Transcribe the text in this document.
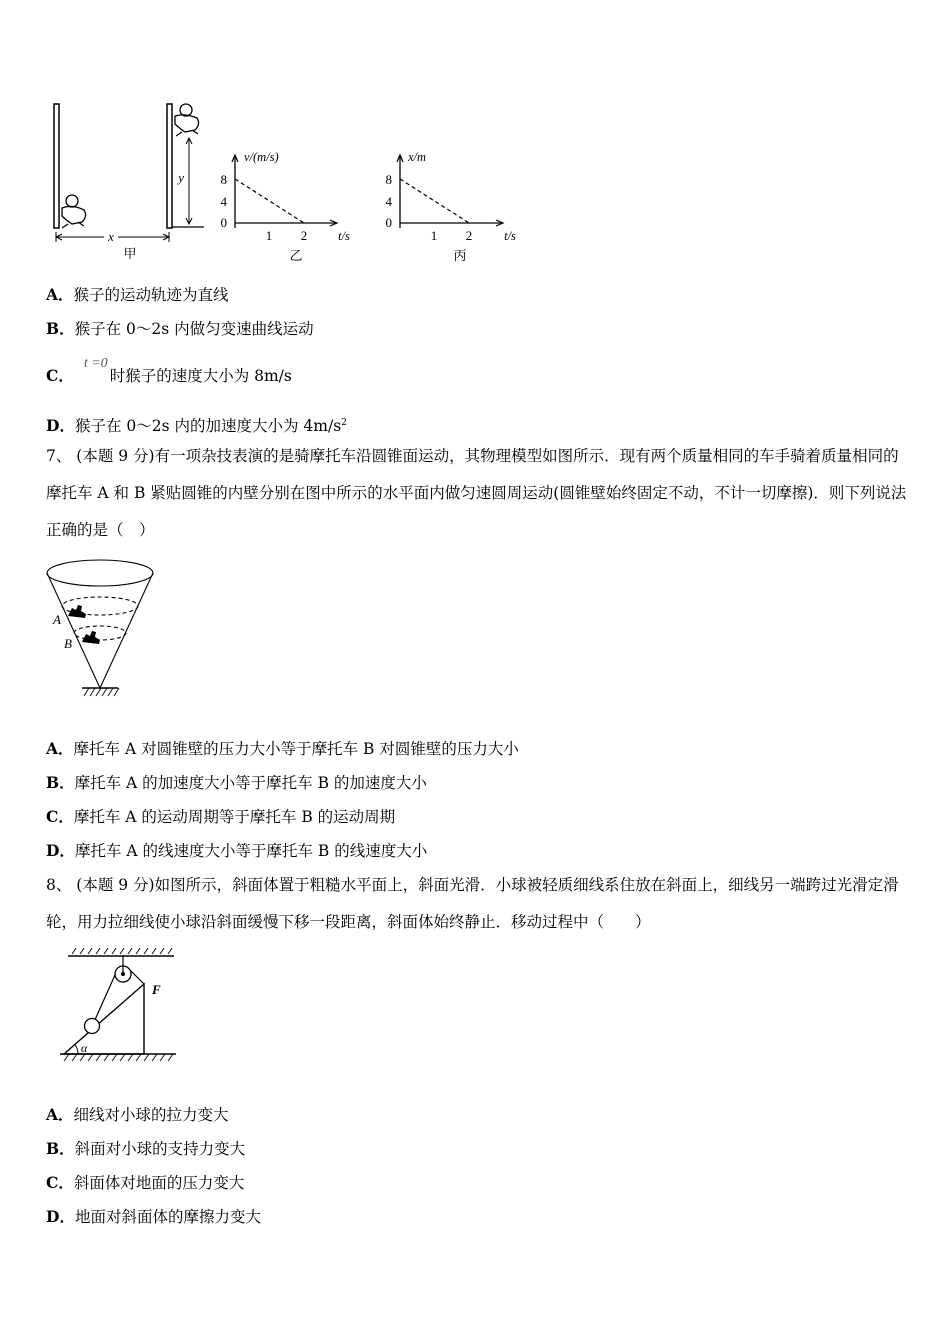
y
x
甲
v/(m/s)
8
4
0
1 2 t/s
乙
x/m
8
4
0
1 2	t/s
丙
A．猴子的运动轨迹为直线
B．猴子在 0～2s 内做匀变速曲线运动
C．t =0时猴子的速度大小为 8m/s
D．猴子在 0～2s 内的加速度大小为 $4m/s^2$
7、 (本题 9 分)有一项杂技表演的是骑摩托车沿圆锥面运动，其物理模型如图所示．现有两个质量相同的车手骑着质量相同的摩托车 A 和 B 紧贴圆锥的内壁分别在图中所示的水平面内做匀速圆周运动(圆锥壁始终固定不动，不计一切摩擦)．则下列说法正确的是（　）
A
B
A．摩托车 A 对圆锥壁的压力大小等于摩托车 B 对圆锥壁的压力大小
B．摩托车 A 的加速度大小等于摩托车 B 的加速度大小
C．摩托车 A 的运动周期等于摩托车 B 的运动周期
D．摩托车 A 的线速度大小等于摩托车 B 的线速度大小
8、 (本题 9 分)如图所示，斜面体置于粗糙水平面上，斜面光滑．小球被轻质细线系住放在斜面上，细线另一端跨过光滑定滑轮，用力拉细线使小球沿斜面缓慢下移一段距离，斜面体始终静止．移动过程中（　　）
F
α
A．细线对小球的拉力变大
B．斜面对小球的支持力变大
C．斜面体对地面的压力变大
D．地面对斜面体的摩擦力变大
